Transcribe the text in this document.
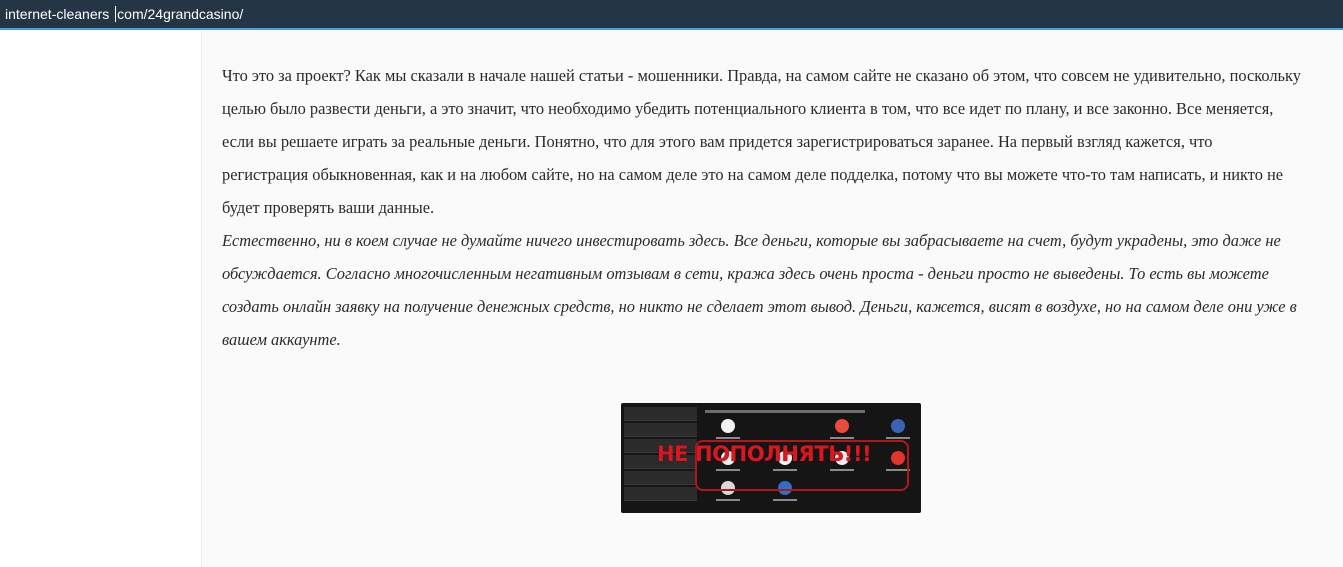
internet-cleaners com/24grandcasino/

Что это за проект? Как мы сказали в начале нашей статьи - мошенники. Правда, на самом сайте не сказано об этом, что совсем не удивительно, поскольку целью было развести деньги, а это значит, что необходимо убедить потенциального клиента в том, что все идет по плану, и все законно. Все меняется, если вы решаете играть за реальные деньги. Понятно, что для этого вам придется зарегистрироваться заранее. На первый взгляд кажется, что регистрация обыкновенная, как и на любом сайте, но на самом деле это на самом деле подделка, потому что вы можете что-то там написать, и никто не будет проверять ваши данные.

Естественно, ни в коем случае не думайте ничего инвестировать здесь. Все деньги, которые вы забрасываете на счет, будут украдены, это даже не обсуждается. Согласно многочисленным негативным отзывам в сети, кража здесь очень проста - деньги просто не выведены. То есть вы можете создать онлайн заявку на получение денежных средств, но никто не сделает этот вывод. Деньги, кажется, висят в воздухе, но на самом деле они уже в вашем аккаунте.

НЕ ПОПОЛНЯТЬ!!!
